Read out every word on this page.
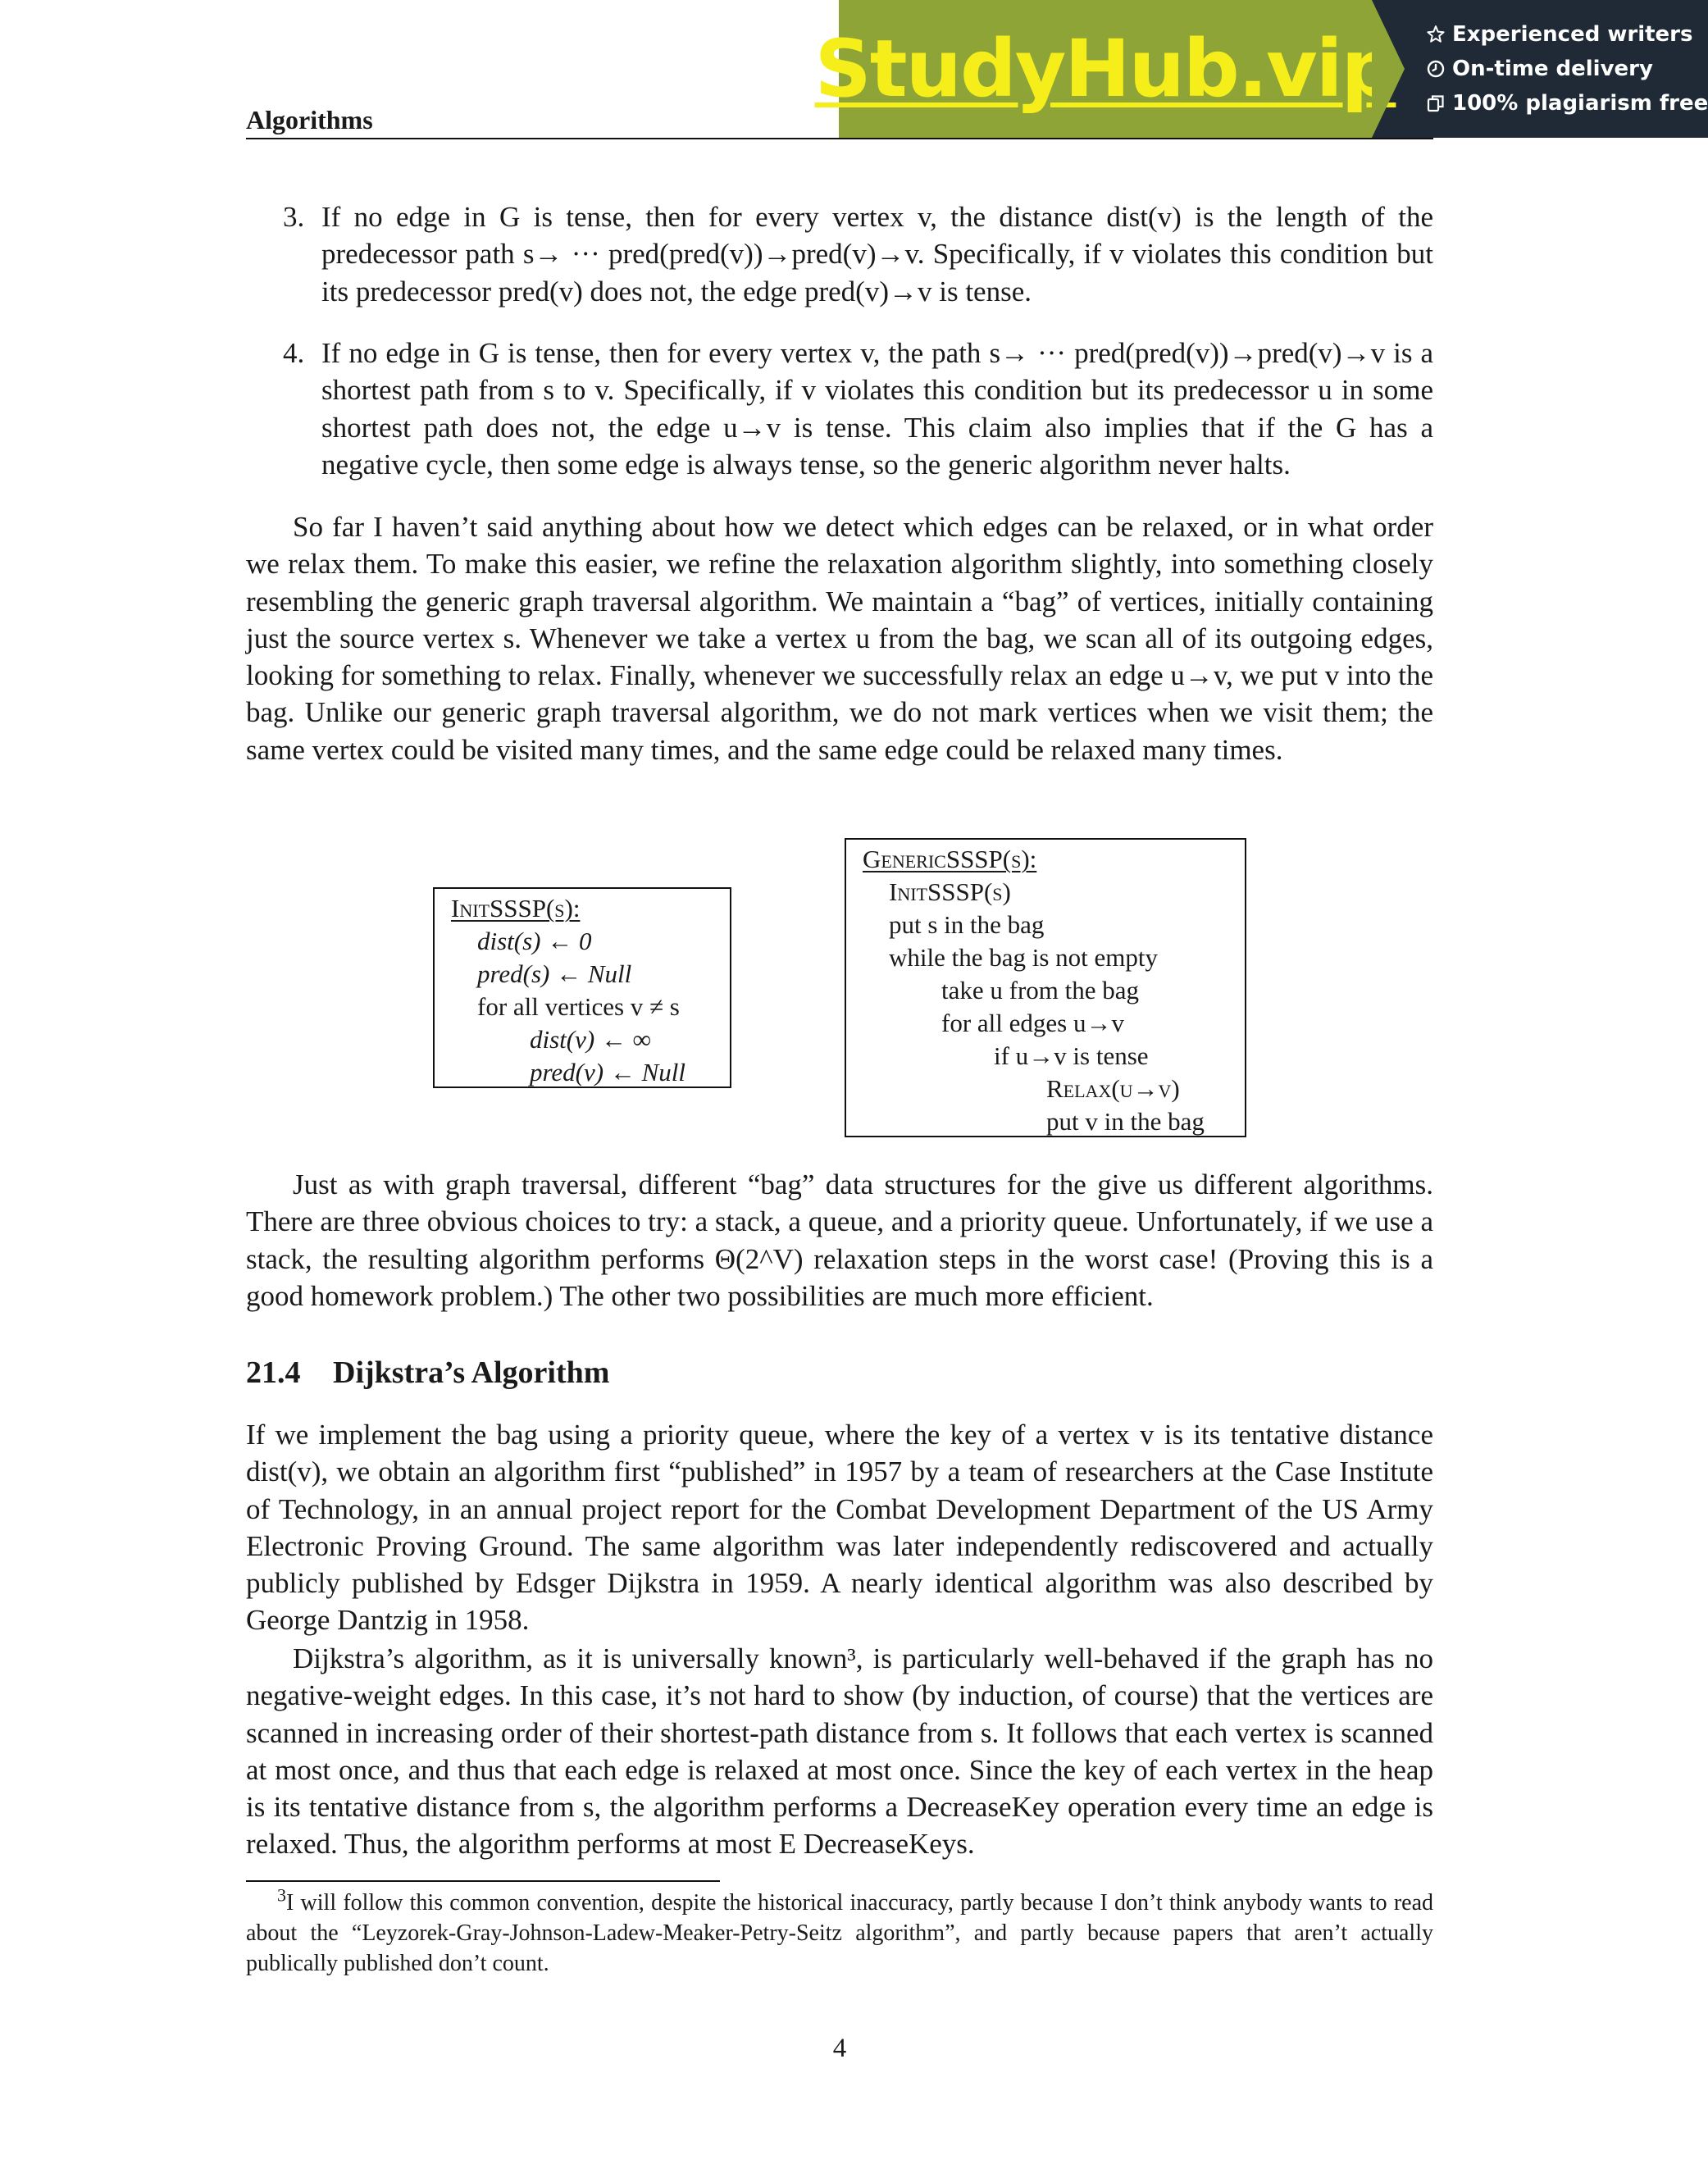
Algorithms
StudyHub.vip	Experienced writers
On-time delivery
100% plagiarism free
3. If no edge in G is tense, then for every vertex v, the distance dist(v) is the length of the predecessor path s→ ··· pred(pred(v))→pred(v)→v. Specifically, if v violates this condition but its predecessor pred(v) does not, the edge pred(v)→v is tense.
4. If no edge in G is tense, then for every vertex v, the path s→ ··· pred(pred(v))→pred(v)→v is a shortest path from s to v. Specifically, if v violates this condition but its predecessor u in some shortest path does not, the edge u→v is tense. This claim also implies that if the G has a negative cycle, then some edge is always tense, so the generic algorithm never halts.
So far I haven’t said anything about how we detect which edges can be relaxed, or in what order we relax them. To make this easier, we refine the relaxation algorithm slightly, into something closely resembling the generic graph traversal algorithm. We maintain a “bag” of vertices, initially containing just the source vertex s. Whenever we take a vertex u from the bag, we scan all of its outgoing edges, looking for something to relax. Finally, whenever we successfully relax an edge u→v, we put v into the bag. Unlike our generic graph traversal algorithm, we do not mark vertices when we visit them; the same vertex could be visited many times, and the same edge could be relaxed many times.
InitSSSP(s):
dist(s) ← 0
pred(s) ← Null
for all vertices v ≠ s
dist(v) ← ∞
pred(v) ← Null
GenericSSSP(s):
InitSSSP(s)
put s in the bag
while the bag is not empty
take u from the bag
for all edges u→v
if u→v is tense
Relax(u→v)
put v in the bag
Just as with graph traversal, different “bag” data structures for the give us different algorithms. There are three obvious choices to try: a stack, a queue, and a priority queue. Unfortunately, if we use a stack, the resulting algorithm performs Θ(2^V) relaxation steps in the worst case! (Proving this is a good homework problem.) The other two possibilities are much more efficient.
21.4 Dijkstra’s Algorithm
If we implement the bag using a priority queue, where the key of a vertex v is its tentative distance dist(v), we obtain an algorithm first “published” in 1957 by a team of researchers at the Case Institute of Technology, in an annual project report for the Combat Development Department of the US Army Electronic Proving Ground. The same algorithm was later independently rediscovered and actually publicly published by Edsger Dijkstra in 1959. A nearly identical algorithm was also described by George Dantzig in 1958.
Dijkstra’s algorithm, as it is universally known³, is particularly well-behaved if the graph has no negative-weight edges. In this case, it’s not hard to show (by induction, of course) that the vertices are scanned in increasing order of their shortest-path distance from s. It follows that each vertex is scanned at most once, and thus that each edge is relaxed at most once. Since the key of each vertex in the heap is its tentative distance from s, the algorithm performs a DecreaseKey operation every time an edge is relaxed. Thus, the algorithm performs at most E DecreaseKeys.
$^3$I will follow this common convention, despite the historical inaccuracy, partly because I don’t think anybody wants to read about the “Leyzorek-Gray-Johnson-Ladew-Meaker-Petry-Seitz algorithm”, and partly because papers that aren’t actually publically published don’t count.
4
